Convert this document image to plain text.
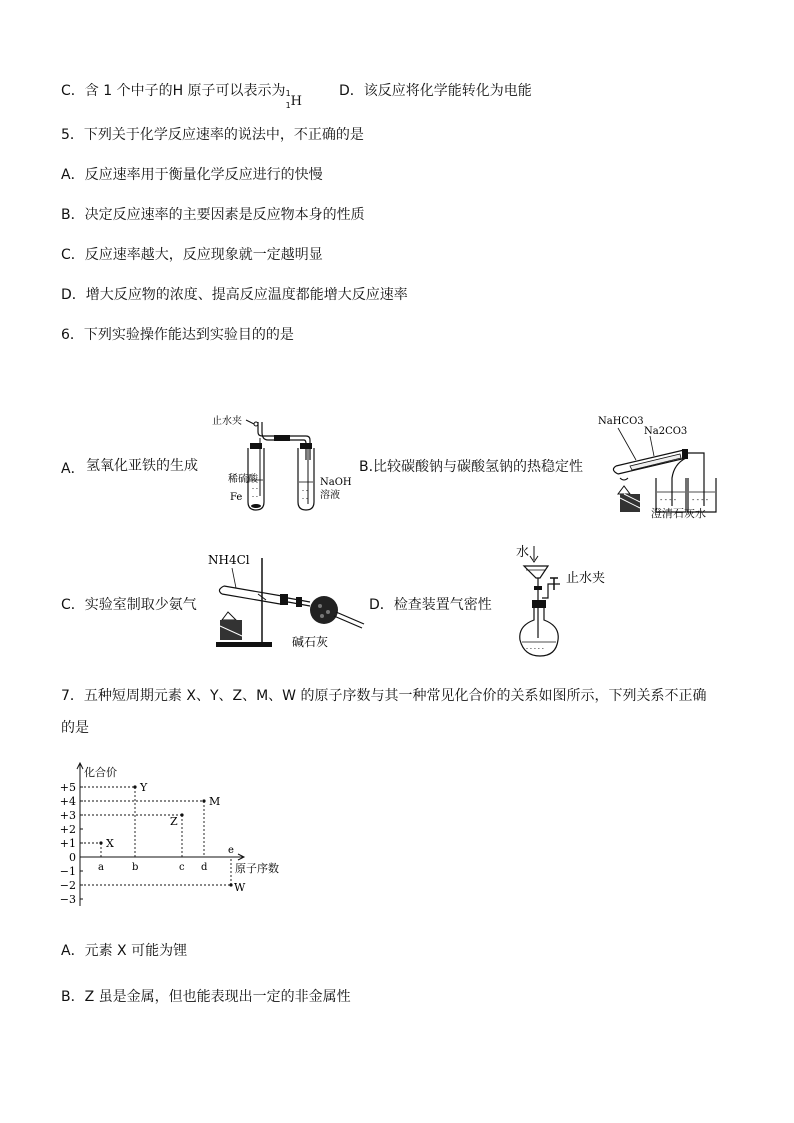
C．含 1 个中子的H 原子可以表示为 1
1 H
D．该反应将化学能转化为电能
5．下列关于化学反应速率的说法中，不正确的是
A．反应速率用于衡量化学反应进行的快慢
B．决定反应速率的主要因素是反应物本身的性质
C．反应速率越大，反应现象就一定越明显
D．增大反应物的浓度、提高反应温度都能增大反应速率
6．下列实验操作能达到实验目的的是
A． 氢氧化亚铁的生成
止水夹
- -
- -
稀硫酸
Fe
- -
- -
NaOH
溶液
B.比较碳酸钠与碳酸氢钠的热稳定性
NaHCO3
Na2CO3
- - - - - - - -
澄清石灰水
C．实验室制取少氨气
NH4Cl
碱石灰
D．检查装置气密性
水
止水夹
- - - - -
7．五种短周期元素 X、Y、Z、M、W 的原子序数与其一种常见化合价的关系如图所示，下列关系不正确
的是
化合价
原子序数
+5
+4
+3
+2
+1
0
−1
−2
−3
a	b	c d
e
X
Y
Z
M
W
A．元素 X 可能为锂
B．Z 虽是金属，但也能表现出一定的非金属性
